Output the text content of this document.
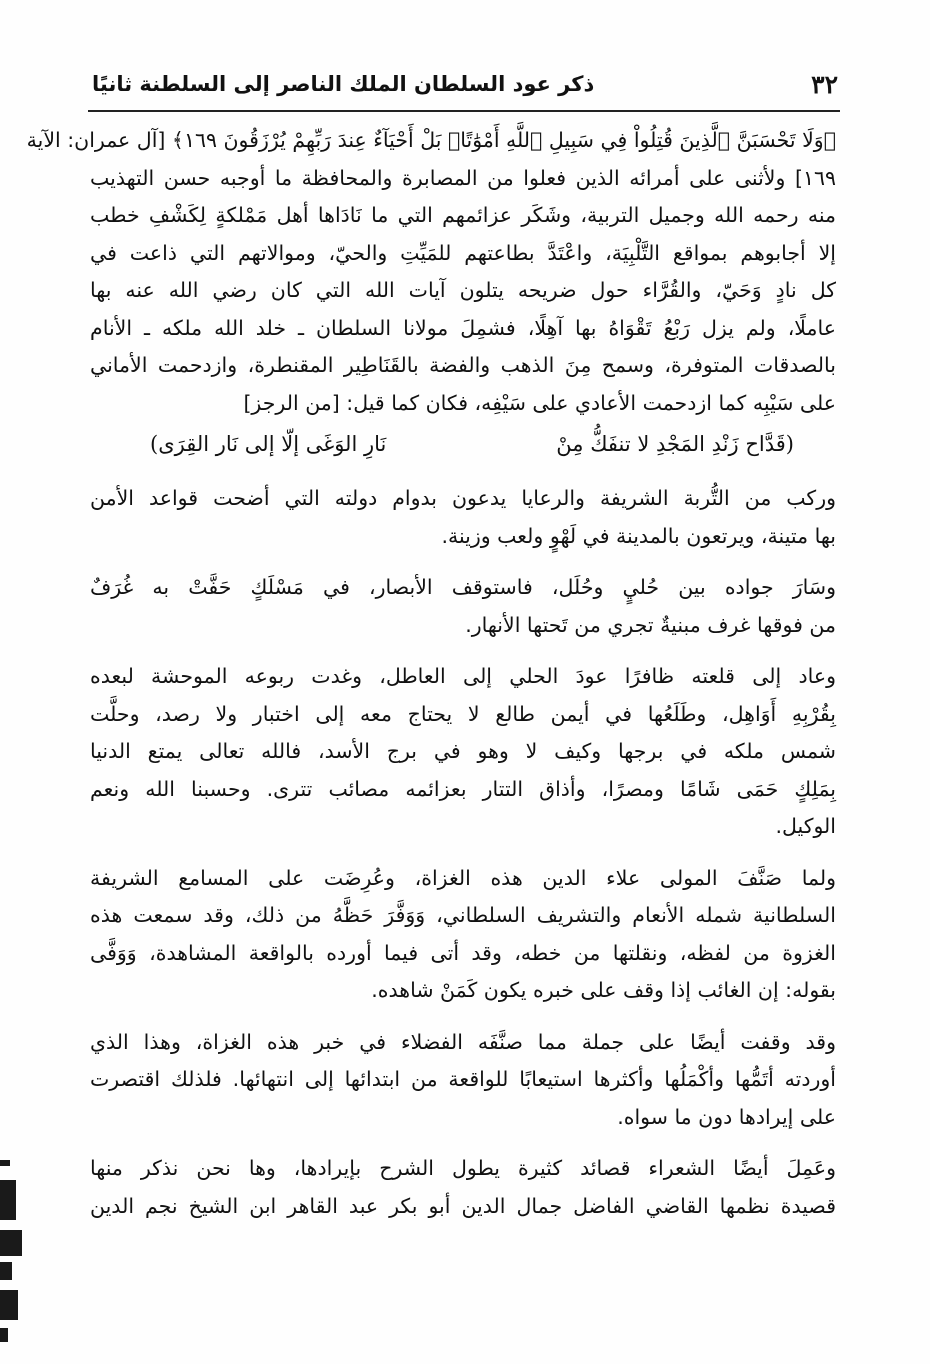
٣٢
ذكر عود السلطان الملك الناصر إلى السلطنة ثانيًا
﴿وَلَا تَحْسَبَنَّ ٱلَّذِينَ قُتِلُواْ فِي سَبِيلِ ٱللَّهِ أَمْوَٰتًاۢ بَلْ أَحْيَآءٌ عِندَ رَبِّهِمْ يُرْزَقُونَ ١٦٩﴾ [آل عمران: الآية
١٦٩] ولأثنى على أمرائه الذين فعلوا من المصابرة والمحافظة ما أوجبه حسن التهذيب
منه رحمه الله وجميل التربية، وشَكَر عزائمهم التي ما نَادَاها أهل مَمْلكةٍ لِكَشْفِ خطب
إلا أجابوهم بمواقع التَّلْبِيَة، واعْتَدَّ بطاعتهم للمَيِّتِ والحيّ، وموالاتهم التي ذاعت في
كل نادٍ وَحَيّ، والقُرَّاء حول ضريحه يتلون آيات الله التي كان رضي الله عنه بها
عاملًا، ولم يزل رَبْعُ تَقْوَاهُ بها آهِلًا، فشمِلَ مولانا السلطان ـ خلد الله ملكه ـ الأنام
بالصدقات المتوفرة، وسمح مِنَ الذهب والفضة بالقَنَاطِير المقنطرة، وازدحمت الأماني
على سَيْبِه كما ازدحمت الأعادي على سَيْفِه، فكان كما قيل: [من الرجز]
(قَدَّاح زَنْدِ المَجْدِ لا تنفَكُّ مِنْ
نَارِ الوَغَى إلّا إلى نَار القِرَى)
وركب من التُّربة الشريفة والرعايا يدعون بدوام دولته التي أضحت قواعد الأمن
بها متينة، ويرتعون بالمدينة في لَهْوٍ ولعب وزينة.
وسَارَ جواده بين حُليٍ وحُلَل، فاستوقف الأبصار، في مَسْلَكٍ حَفَّتْ به غُرَفٌ
من فوقها غرف مبنيةٌ تجري من تَحتها الأنهار.
وعاد إلى قلعته ظافرًا عودَ الحلي إلى العاطل، وغدت ربوعه الموحشة لبعده
بِقُرْبِهِ أَوَاهِل، وطَلَعُها في أيمن طالع لا يحتاج معه إلى اختبار ولا رصد، وحلَّت
شمس ملكه في برجها وكيف لا وهو في برج الأسد، فالله تعالى يمتع الدنيا
بِمَلِكٍ حَمَى شَامًا ومصرًا، وأذاق التتار بعزائمه مصائب تترى. وحسبنا الله ونعم
الوكيل.
ولما صَنَّفَ المولى علاء الدين هذه الغزاة، وعُرِضَت على المسامع الشريفة
السلطانية شمله الأنعام والتشريف السلطاني، وَوَفَّرَ حَظَّهُ من ذلك، وقد سمعت هذه
الغزوة من لفظه، ونقلتها من خطه، وقد أتى فيما أورده بالواقعة المشاهدة، وَوَفَّى
بقوله: إن الغائب إذا وقف على خبره يكون كَمَنْ شاهده.
وقد وقفت أيضًا على جملة مما صنَّفَه الفضلاء في خبر هذه الغزاة، وهذا الذي
أوردته أتَمُّها وأكْمَلُها وأكثرها استيعابًا للواقعة من ابتدائها إلى انتهائها. فلذلك اقتصرت
على إيرادها دون ما سواه.
وعَمِلَ أيضًا الشعراء قصائد كثيرة يطول الشرح بإيرادها، وها نحن نذكر منها
قصيدة نظمها القاضي الفاضل جمال الدين أبو بكر عبد القاهر ابن الشيخ نجم الدين
